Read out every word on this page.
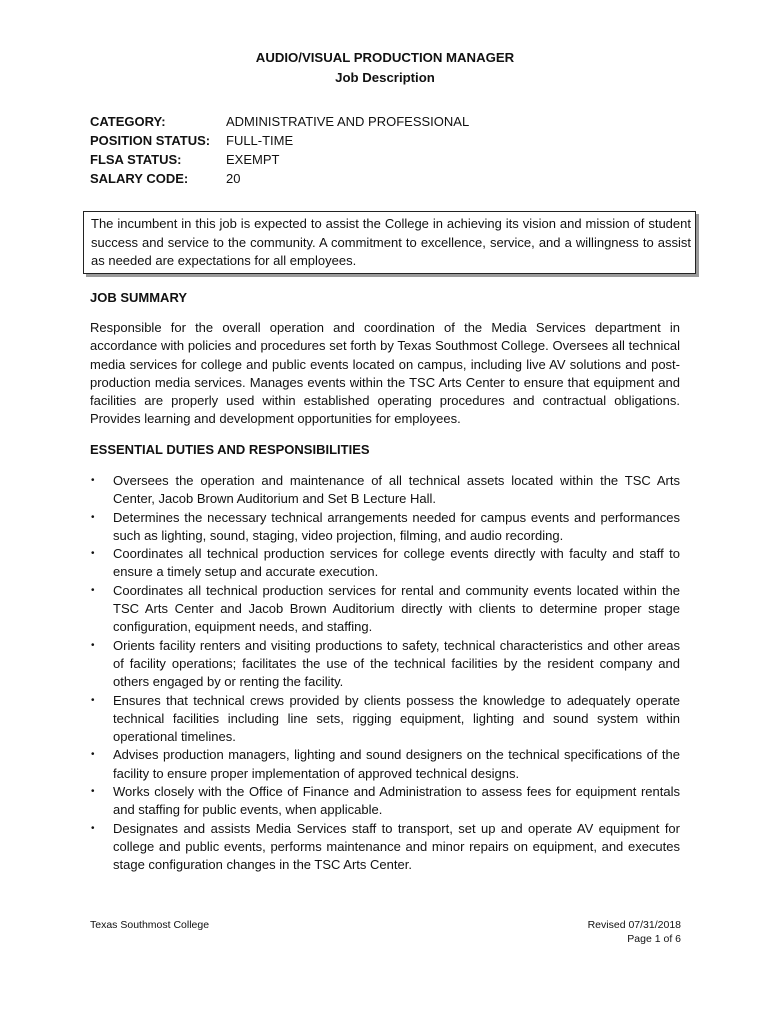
AUDIO/VISUAL PRODUCTION MANAGER
Job Description
CATEGORY:	ADMINISTRATIVE AND PROFESSIONAL
POSITION STATUS:	FULL-TIME
FLSA STATUS:	EXEMPT
SALARY CODE:	20
The incumbent in this job is expected to assist the College in achieving its vision and mission of student success and service to the community. A commitment to excellence, service, and a willingness to assist as needed are expectations for all employees.
JOB SUMMARY

Responsible for the overall operation and coordination of the Media Services department in accordance with policies and procedures set forth by Texas Southmost College. Oversees all technical media services for college and public events located on campus, including live AV solutions and post-production media services. Manages events within the TSC Arts Center to ensure that equipment and facilities are properly used within established operating procedures and contractual obligations. Provides learning and development opportunities for employees.

ESSENTIAL DUTIES AND RESPONSIBILITIES
• Oversees the operation and maintenance of all technical assets located within the TSC Arts Center, Jacob Brown Auditorium and Set B Lecture Hall.
• Determines the necessary technical arrangements needed for campus events and performances such as lighting, sound, staging, video projection, filming, and audio recording.
• Coordinates all technical production services for college events directly with faculty and staff to ensure a timely setup and accurate execution.
• Coordinates all technical production services for rental and community events located within the TSC Arts Center and Jacob Brown Auditorium directly with clients to determine proper stage configuration, equipment needs, and staffing.
• Orients facility renters and visiting productions to safety, technical characteristics and other areas of facility operations; facilitates the use of the technical facilities by the resident company and others engaged by or renting the facility.
• Ensures that technical crews provided by clients possess the knowledge to adequately operate technical facilities including line sets, rigging equipment, lighting and sound system within operational timelines.
• Advises production managers, lighting and sound designers on the technical specifications of the facility to ensure proper implementation of approved technical designs.
• Works closely with the Office of Finance and Administration to assess fees for equipment rentals and staffing for public events, when applicable.
• Designates and assists Media Services staff to transport, set up and operate AV equipment for college and public events, performs maintenance and minor repairs on equipment, and executes stage configuration changes in the TSC Arts Center.
Texas Southmost College	Revised 07/31/2018
Page 1 of 6
